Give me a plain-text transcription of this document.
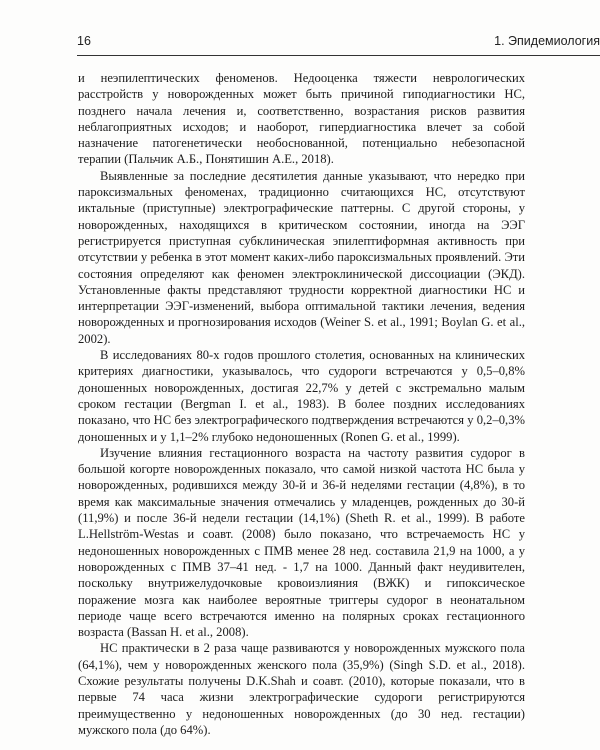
16	1. Эпидемиология

и неэпилептических феноменов. Недооценка тяжести неврологических расстройств у новорожденных может быть причиной гиподиагностики НС, позднего начала лечения и, соответственно, возрастания рисков развития неблагоприятных исходов; и наоборот, гипердиагностика влечет за собой назначение патогенетически необоснованной, потенциально небезопасной терапии (Пальчик А.Б., Понятишин А.Е., 2018).

Выявленные за последние десятилетия данные указывают, что нередко при пароксизмальных феноменах, традиционно считающихся НС, отсутствуют иктальные (приступные) электрографические паттерны. С другой стороны, у новорожденных, находящихся в критическом состоянии, иногда на ЭЭГ регистрируется приступная субклиническая эпилептиформная активность при отсутствии у ребенка в этот момент каких-либо пароксизмальных проявлений. Эти состояния определяют как феномен электроклинической диссоциации (ЭКД). Установленные факты представляют трудности корректной диагностики НС и интерпретации ЭЭГ-изменений, выбора оптимальной тактики лечения, ведения новорожденных и прогнозирования исходов (Weiner S. et al., 1991; Boylan G. et al., 2002).

В исследованиях 80-х годов прошлого столетия, основанных на клинических критериях диагностики, указывалось, что судороги встречаются у 0,5–0,8% доношенных новорожденных, достигая 22,7% у детей с экстремально малым сроком гестации (Bergman I. et al., 1983). В более поздних исследованиях показано, что НС без электрографического подтверждения встречаются у 0,2–0,3% доношенных и у 1,1–2% глубоко недоношенных (Ronen G. et al., 1999).

Изучение влияния гестационного возраста на частоту развития судорог в большой когорте новорожденных показало, что самой низкой частота НС была у новорожденных, родившихся между 30-й и 36-й неделями гестации (4,8%), в то время как максимальные значения отмечались у младенцев, рожденных до 30-й (11,9%) и после 36-й недели гестации (14,1%) (Sheth R. et al., 1999). В работе L.Hellström-Westas и соавт. (2008) было показано, что встречаемость НС у недоношенных новорожденных с ПМВ менее 28 нед. составила 21,9 на 1000, а у новорожденных с ПМВ 37–41 нед. - 1,7 на 1000. Данный факт неудивителен, поскольку внутрижелудочковые кровоизлияния (ВЖК) и гипоксическое поражение мозга как наиболее вероятные триггеры судорог в неонатальном периоде чаще всего встречаются именно на полярных сроках гестационного возраста (Bassan H. et al., 2008).

НС практически в 2 раза чаще развиваются у новорожденных мужского пола (64,1%), чем у новорожденных женского пола (35,9%) (Singh S.D. et al., 2018). Схожие результаты получены D.K.Shah и соавт. (2010), которые показали, что в первые 74 часа жизни электрографические судороги регистрируются преимущественно у недоношенных новорожденных (до 30 нед. гестации) мужского пола (до 64%).
